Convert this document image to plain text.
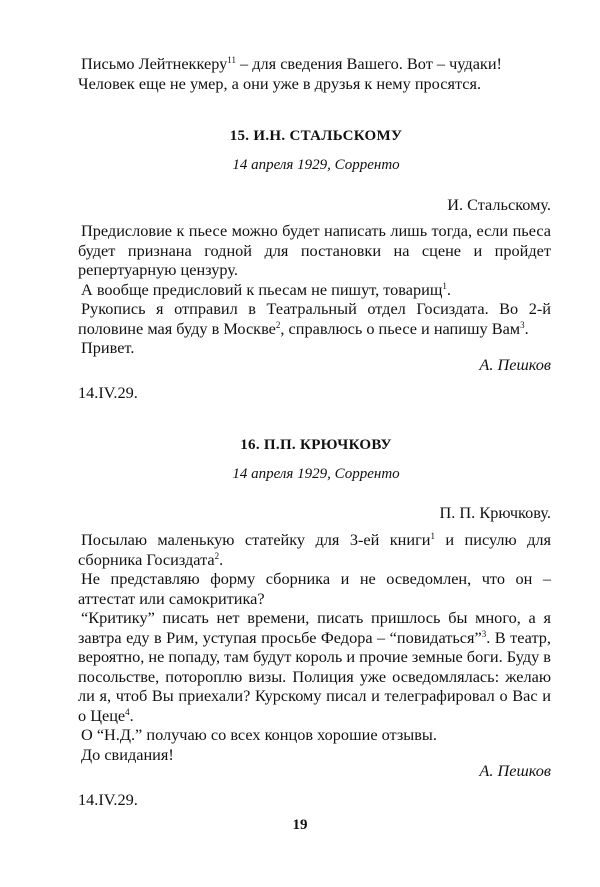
Письмо Лейтнеккеру$^{11}$ – для сведения Вашего. Вот – чудаки!

Человек еще не умер, а они уже в друзья к нему просятся.

15. И.Н. СТАЛЬСКОМУ

14 апреля 1929, Сорренто

И. Стальскому.

Предисловие к пьесе можно будет написать лишь тогда, если пьеса будет признана годной для постановки на сцене и пройдет репертуарную цензуру.

А вообще предисловий к пьесам не пишут, товарищ$^1$.

Рукопись я отправил в Театральный отдел Госиздата. Во 2-й половине мая буду в Москве$^2$, справлюсь о пьесе и напишу Вам$^3$.

Привет.

А. Пешков

14.IV.29.

16. П.П. КРЮЧКОВУ

14 апреля 1929, Сорренто

П. П. Крючкову.

Посылаю маленькую статейку для 3-ей книги$^1$ и писулю для сборника Госиздата$^2$.

Не представляю форму сборника и не осведомлен, что он – аттестат или самокритика?

“Критику” писать нет времени, писать пришлось бы много, а я завтра еду в Рим, уступая просьбе Федора – “повидаться”$^3$. В театр, вероятно, не попаду, там будут король и прочие земные боги. Буду в посольстве, потороплю визы. Полиция уже осведомлялась: желаю ли я, чтоб Вы приехали? Курскому писал и телеграфировал о Вас и о Цеце$^4$.

О “Н.Д.” получаю со всех концов хорошие отзывы.

До свидания!

А. Пешков

14.IV.29.

19
